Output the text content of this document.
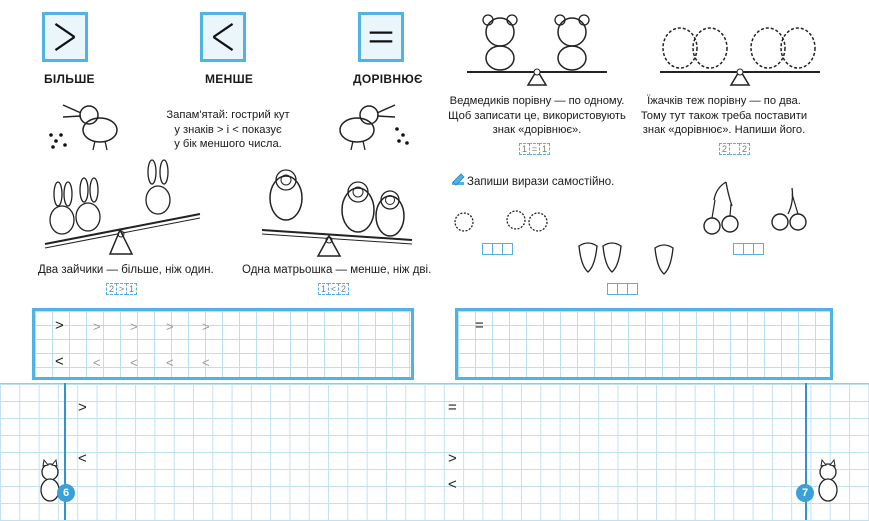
БІЛЬШЕ	МЕНШЕ	ДОРІВНЮЄ
Запам'ятай: гострий кут
у знаків > і < показує
у бік меншого числа.
Два зайчики — більше, ніж один.
2 > 1
Одна матрьошка — менше, ніж дві.
1 < 2
> > > > >
< < < < <
Ведмедиків порівну — по одному.
Щоб записати це, використовують
знак «дорівнює».
1 = 1
Їжачків теж порівну — по два.
Тому тут також треба поставити
знак «дорівнює». Напиши його.
2	2
Запиши вирази самостійно.
=
>
<
=
>
<
6	7
